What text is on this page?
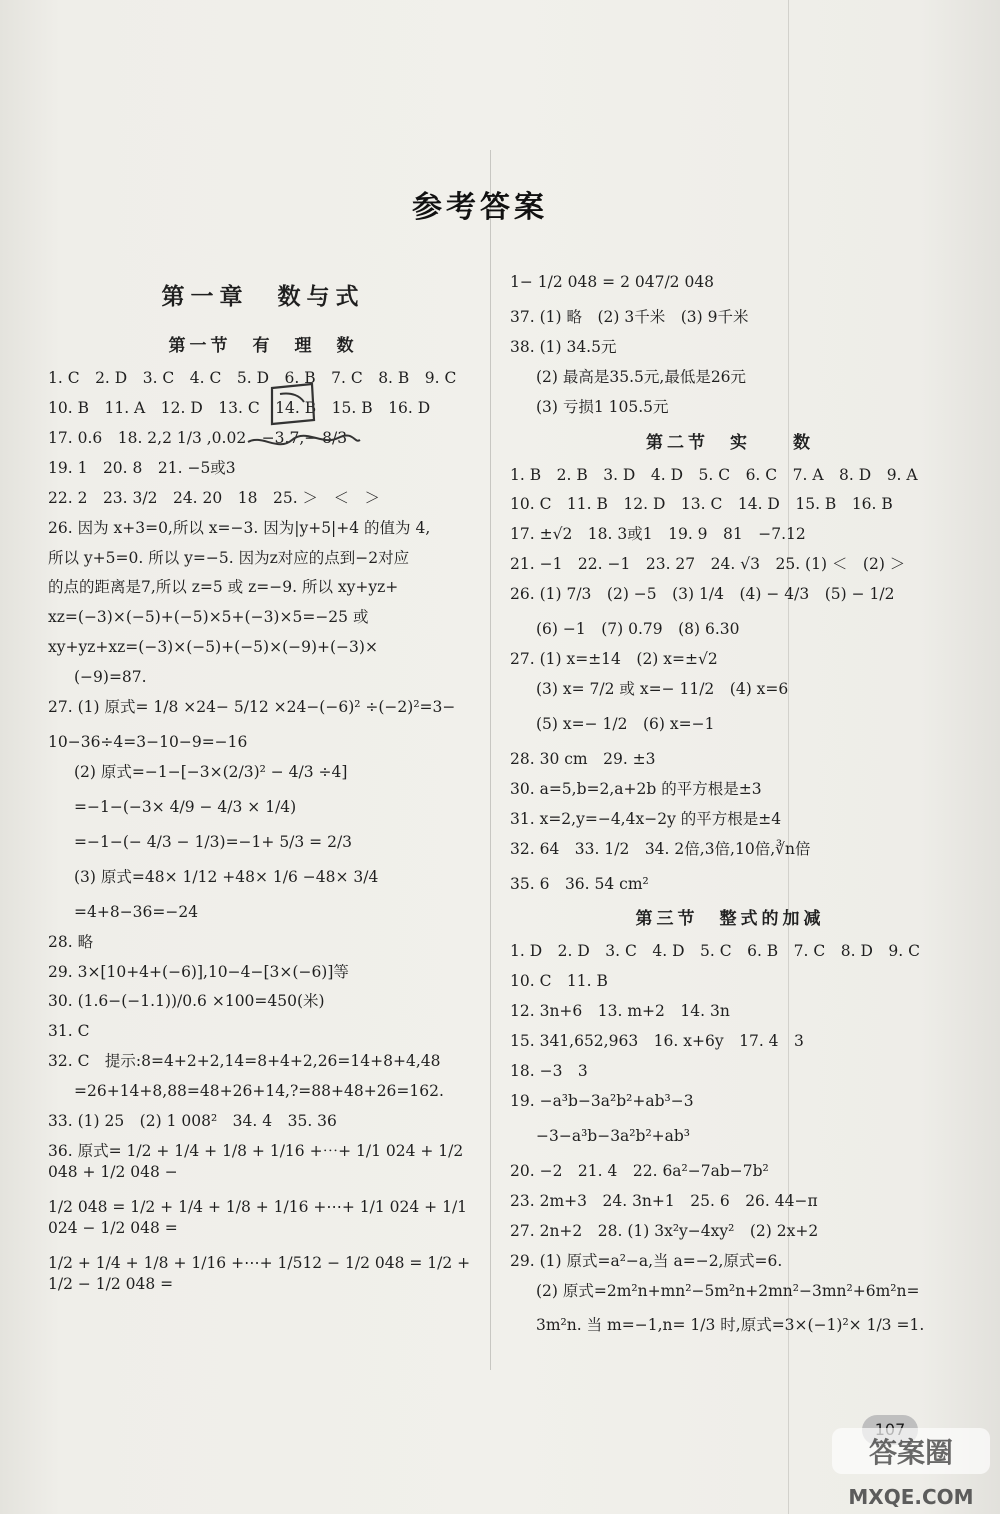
参考答案
第一章　数与式
第一节　有　理　数
1. C　2. D　3. C　4. C　5. D　6. B　7. C　8. B　9. C
10. B　11. A　12. D　13. C　14. B　15. B　16. D
17. 0.6　18. 2,2 1/3 ,0.02　−3.7,− 8/3
19. 1　20. 8　21. −5或3
22. 2　23. 3/2　24. 20　18　25. ＞　＜　＞
26. 因为 x+3=0,所以 x=−3. 因为|y+5|+4 的值为 4,
所以 y+5=0. 所以 y=−5. 因为z对应的点到−2对应
的点的距离是7,所以 z=5 或 z=−9. 所以 xy+yz+
xz=(−3)×(−5)+(−5)×5+(−3)×5=−25 或
xy+yz+xz=(−3)×(−5)+(−5)×(−9)+(−3)×
(−9)=87.
27. (1) 原式= 1/8 ×24− 5/12 ×24−(−6)² ÷(−2)²=3−
10−36÷4=3−10−9=−16
(2) 原式=−1−[−3×(2/3)² − 4/3 ÷4]
=−1−(−3× 4/9 − 4/3 × 1/4)
=−1−(− 4/3 − 1/3)=−1+ 5/3 = 2/3
(3) 原式=48× 1/12 +48× 1/6 −48× 3/4
=4+8−36=−24
28. 略
29. 3×[10+4+(−6)],10−4−[3×(−6)]等
30. (1.6−(−1.1))/0.6 ×100=450(米)
31. C
32. C　提示:8=4+2+2,14=8+4+2,26=14+8+4,48
=26+14+8,88=48+26+14,?=88+48+26=162.
33. (1) 25　(2) 1 008²　34. 4　35. 36
36. 原式= 1/2 + 1/4 + 1/8 + 1/16 +⋯+ 1/1 024 + 1/2 048 + 1/2 048 −
1/2 048 = 1/2 + 1/4 + 1/8 + 1/16 +⋯+ 1/1 024 + 1/1 024 − 1/2 048 =
1/2 + 1/4 + 1/8 + 1/16 +⋯+ 1/512 − 1/2 048 = 1/2 + 1/2 − 1/2 048 =
1− 1/2 048 = 2 047/2 048
37. (1) 略　(2) 3千米　(3) 9千米
38. (1) 34.5元
(2) 最高是35.5元,最低是26元
(3) 亏损1 105.5元
第二节　实　　数
1. B　2. B　3. D　4. D　5. C　6. C　7. A　8. D　9. A
10. C　11. B　12. D　13. C　14. D　15. B　16. B
17. ±√2　18. 3或1　19. 9　81　−7.12
21. −1　22. −1　23. 27　24. √3　25. (1) ＜　(2) ＞
26. (1) 7/3　(2) −5　(3) 1/4　(4) − 4/3　(5) − 1/2
(6) −1　(7) 0.79　(8) 6.30
27. (1) x=±14　(2) x=±√2
(3) x= 7/2 或 x=− 11/2　(4) x=6
(5) x=− 1/2　(6) x=−1
28. 30 cm　29. ±3
30. a=5,b=2,a+2b 的平方根是±3
31. x=2,y=−4,4x−2y 的平方根是±4
32. 64　33. 1/2　34. 2倍,3倍,10倍,∛n倍
35. 6　36. 54 cm²
第三节　整式的加减
1. D　2. D　3. C　4. D　5. C　6. B　7. C　8. D　9. C
10. C　11. B
12. 3n+6　13. m+2　14. 3n
15. 341,652,963　16. x+6y　17. 4　3
18. −3　3
19. −a³b−3a²b²+ab³−3
−3−a³b−3a²b²+ab³
20. −2　21. 4　22. 6a²−7ab−7b²
23. 2m+3　24. 3n+1　25. 6　26. 44−π
27. 2n+2　28. (1) 3x²y−4xy²　(2) 2x+2
29. (1) 原式=a²−a,当 a=−2,原式=6.
(2) 原式=2m²n+mn²−5m²n+2mn²−3mn²+6m²n=
3m²n. 当 m=−1,n= 1/3 时,原式=3×(−1)²× 1/3 =1.
答案圈
MXQE.COM
